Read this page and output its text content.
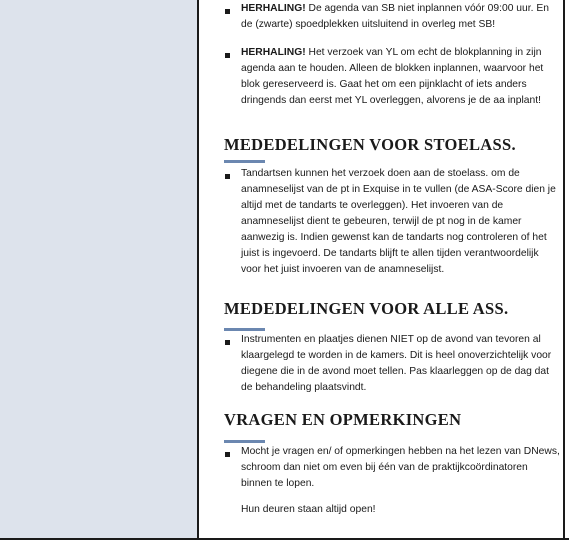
HERHALING! De agenda van SB niet inplannen vóór 09:00 uur. En de (zwarte) spoedplekken uitsluitend in overleg met SB!

HERHALING! Het verzoek van YL om echt de blokplanning in zijn agenda aan te houden. Alleen de blokken inplannen, waarvoor het blok gereserveerd is. Gaat het om een pijnklacht of iets anders dringends dan eerst met YL overleggen, alvorens je de aa inplant!

MEDEDELINGEN VOOR STOELASS.

Tandartsen kunnen het verzoek doen aan de stoelass. om de anamneselijst van de pt in Exquise in te vullen (de ASA-Score dien je altijd met de tandarts te overleggen). Het invoeren van de anamneselijst dient te gebeuren, terwijl de pt nog in de kamer aanwezig is. Indien gewenst kan de tandarts nog controleren of het juist is ingevoerd. De tandarts blijft te allen tijden verantwoordelijk voor het juist invoeren van de anamneselijst.

MEDEDELINGEN VOOR ALLE ASS.

Instrumenten en plaatjes dienen NIET op de avond van tevoren al klaargelegd te worden in de kamers. Dit is heel onoverzichtelijk voor diegene die in de avond moet tellen. Pas klaarleggen op de dag dat de behandeling plaatsvindt.

VRAGEN EN OPMERKINGEN

Mocht je vragen en/ of opmerkingen hebben na het lezen van DNews, schroom dan niet om even bij één van de praktijkcoördinatoren binnen te lopen.

Hun deuren staan altijd open!
